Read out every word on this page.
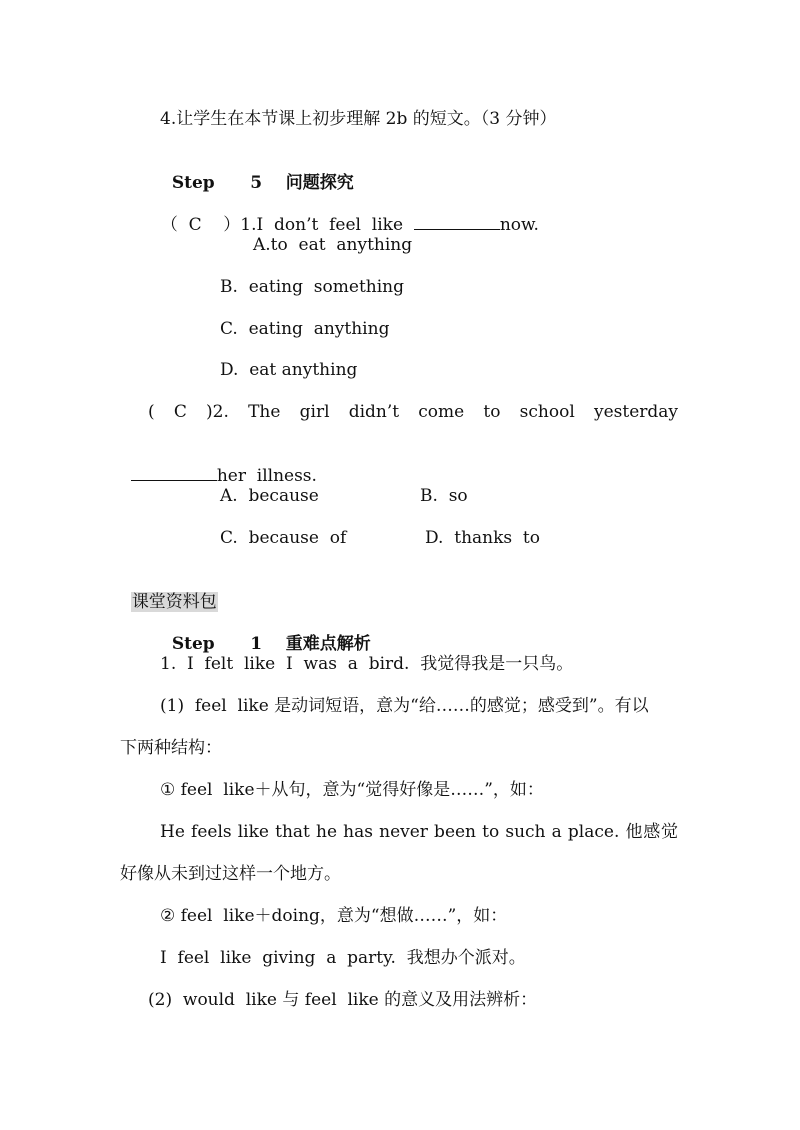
4.让学生在本节课上初步理解 2b 的短文。（3 分钟）

Step 5 问题探究

（ C ）1.I  don’t  feel  like	now.

A.to  eat  anything
B.  eating  something
C.  eating  anything
D.  eat anything
( C )2. The girl didn’t come to school yesterday

her  illness.

A.  because	B.  so
C.  because  of	D.  thanks  to

课堂资料包

Step 1 重难点解析

1.  I  felt  like  I  was  a  bird.  我觉得我是一只鸟。
(1)  feel  like 是动词短语，意为“给……的感觉；感受到”。有以
下两种结构：
① feel  like＋从句，意为“觉得好像是……”，如：
He feels like that he has never been to such a place. 他感觉
好像从未到过这样一个地方。
② feel  like＋doing，意为“想做……”，如：
I  feel  like  giving  a  party.  我想办个派对。
(2)  would  like 与 feel  like 的意义及用法辨析：
